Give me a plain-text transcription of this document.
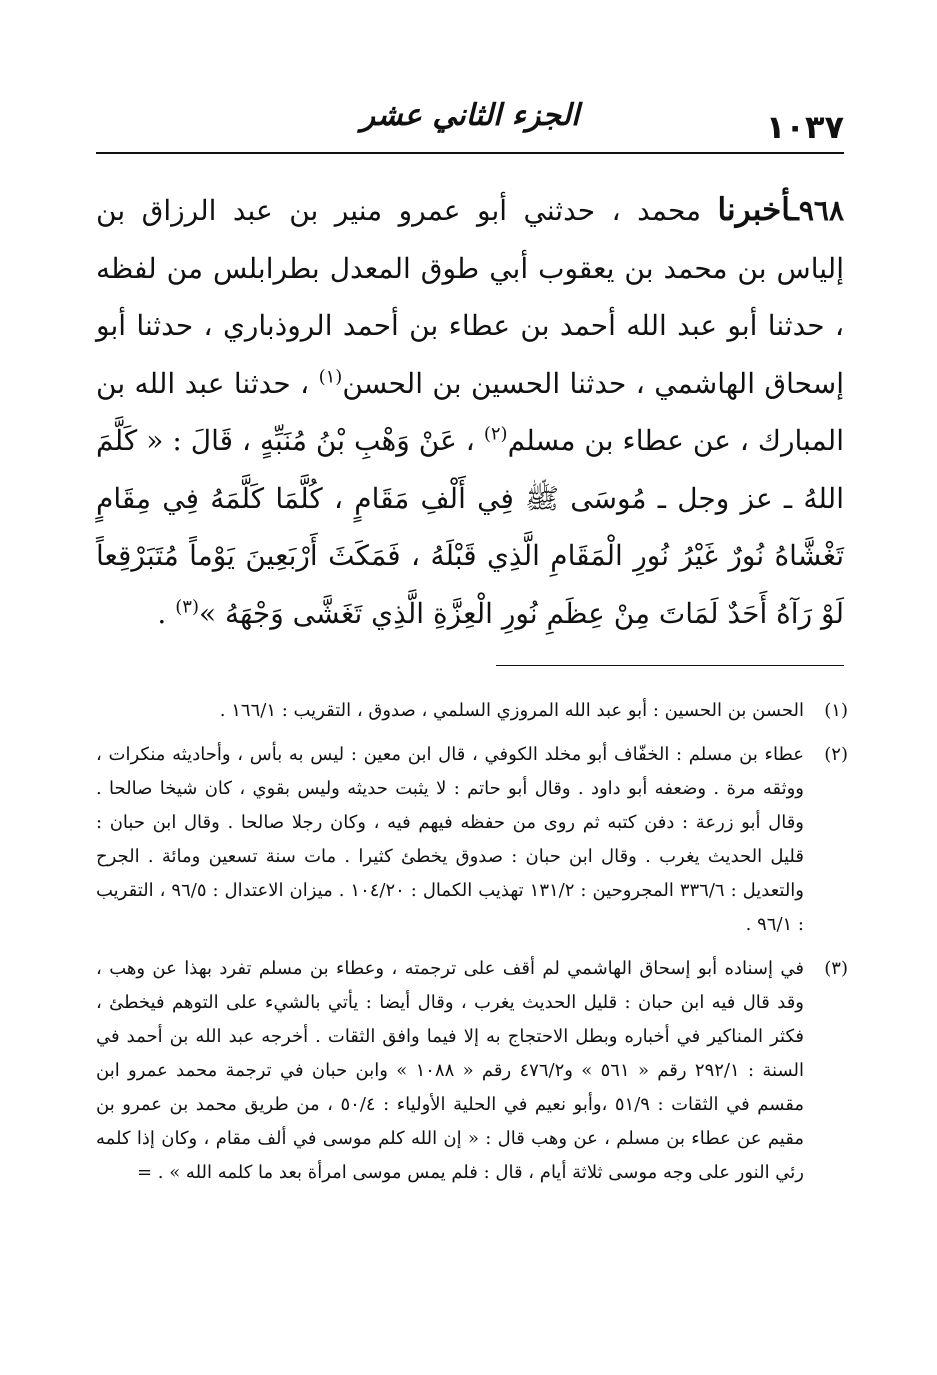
١٠٣٧
الجزء الثاني عشر
٩٦٨ـأخبرنا محمد ، حدثني أبو عمرو منير بن عبد الرزاق بن إلياس بن محمد بن يعقوب أبي طوق المعدل بطرابلس من لفظه ، حدثنا أبو عبد الله أحمد بن عطاء بن أحمد الروذباري ، حدثنا أبو إسحاق الهاشمي ، حدثنا الحسين بن الحسن$^{(١)}$ ، حدثنا عبد الله بن المبارك ، عن عطاء بن مسلم$^{(٢)}$ ، عَنْ وَهْبِ بْنُ مُنَبِّهٍ ، قَالَ : « كَلَّمَ اللهُ ـ عز وجل ـ مُوسَى ﷺ فِي أَلْفِ مَقَامٍ ، كُلَّمَا كَلَّمَهُ فِي مِقَامٍ تَغْشَّاهُ نُورٌ غَيْرُ نُورِ الْمَقَامِ الَّذِي قَبْلَهُ ، فَمَكَثَ أَرْبَعِينَ يَوْماً مُتَبَرْقِعاً لَوْ رَآهُ أَحَدٌ لَمَاتَ مِنْ عِظَمِ نُورِ الْعِزَّةِ الَّذِي تَغَشَّى وَجْهَهُ »$^{(٣)}$ .
(١)
الحسن بن الحسين : أبو عبد الله المروزي السلمي ، صدوق ، التقريب : ١٦٦/١ .
(٢)
عطاء بن مسلم : الخفّاف أبو مخلد الكوفي ، قال ابن معين : ليس به بأس ، وأحاديثه منكرات ، ووثقه مرة . وضعفه أبو داود . وقال أبو حاتم : لا يثبت حديثه وليس بقوي ، كان شيخا صالحا . وقال أبو زرعة : دفن كتبه ثم روى من حفظه فيهم فيه ، وكان رجلا صالحا . وقال ابن حبان : قليل الحديث يغرب . وقال ابن حبان : صدوق يخطئ كثيرا . مات سنة تسعين ومائة . الجرح والتعديل : ٣٣٦/٦ المجروحين : ١٣١/٢ تهذيب الكمال : ١٠٤/٢٠ . ميزان الاعتدال : ٩٦/٥ ، التقريب : ٩٦/١ .
(٣)
في إسناده أبو إسحاق الهاشمي لم أقف على ترجمته ، وعطاء بن مسلم تفرد بهذا عن وهب ، وقد قال فيه ابن حبان : قليل الحديث يغرب ، وقال أيضا : يأتي بالشيء على التوهم فيخطئ ، فكثر المناكير في أخباره وبطل الاحتجاج به إلا فيما وافق الثقات . أخرجه عبد الله بن أحمد في السنة : ٢٩٢/١ رقم « ٥٦١ » و٤٧٦/٢ رقم « ١٠٨٨ » وابن حبان في ترجمة محمد عمرو ابن مقسم في الثقات : ٥١/٩ ،وأبو نعيم في الحلية الأولياء : ٥٠/٤ ، من طريق محمد بن عمرو بن مقيم عن عطاء بن مسلم ، عن وهب قال : « إن الله كلم موسى في ألف مقام ، وكان إذا كلمه رئي النور على وجه موسى ثلاثة أيام ، قال : فلم يمس موسى امرأة بعد ما كلمه الله » . =
